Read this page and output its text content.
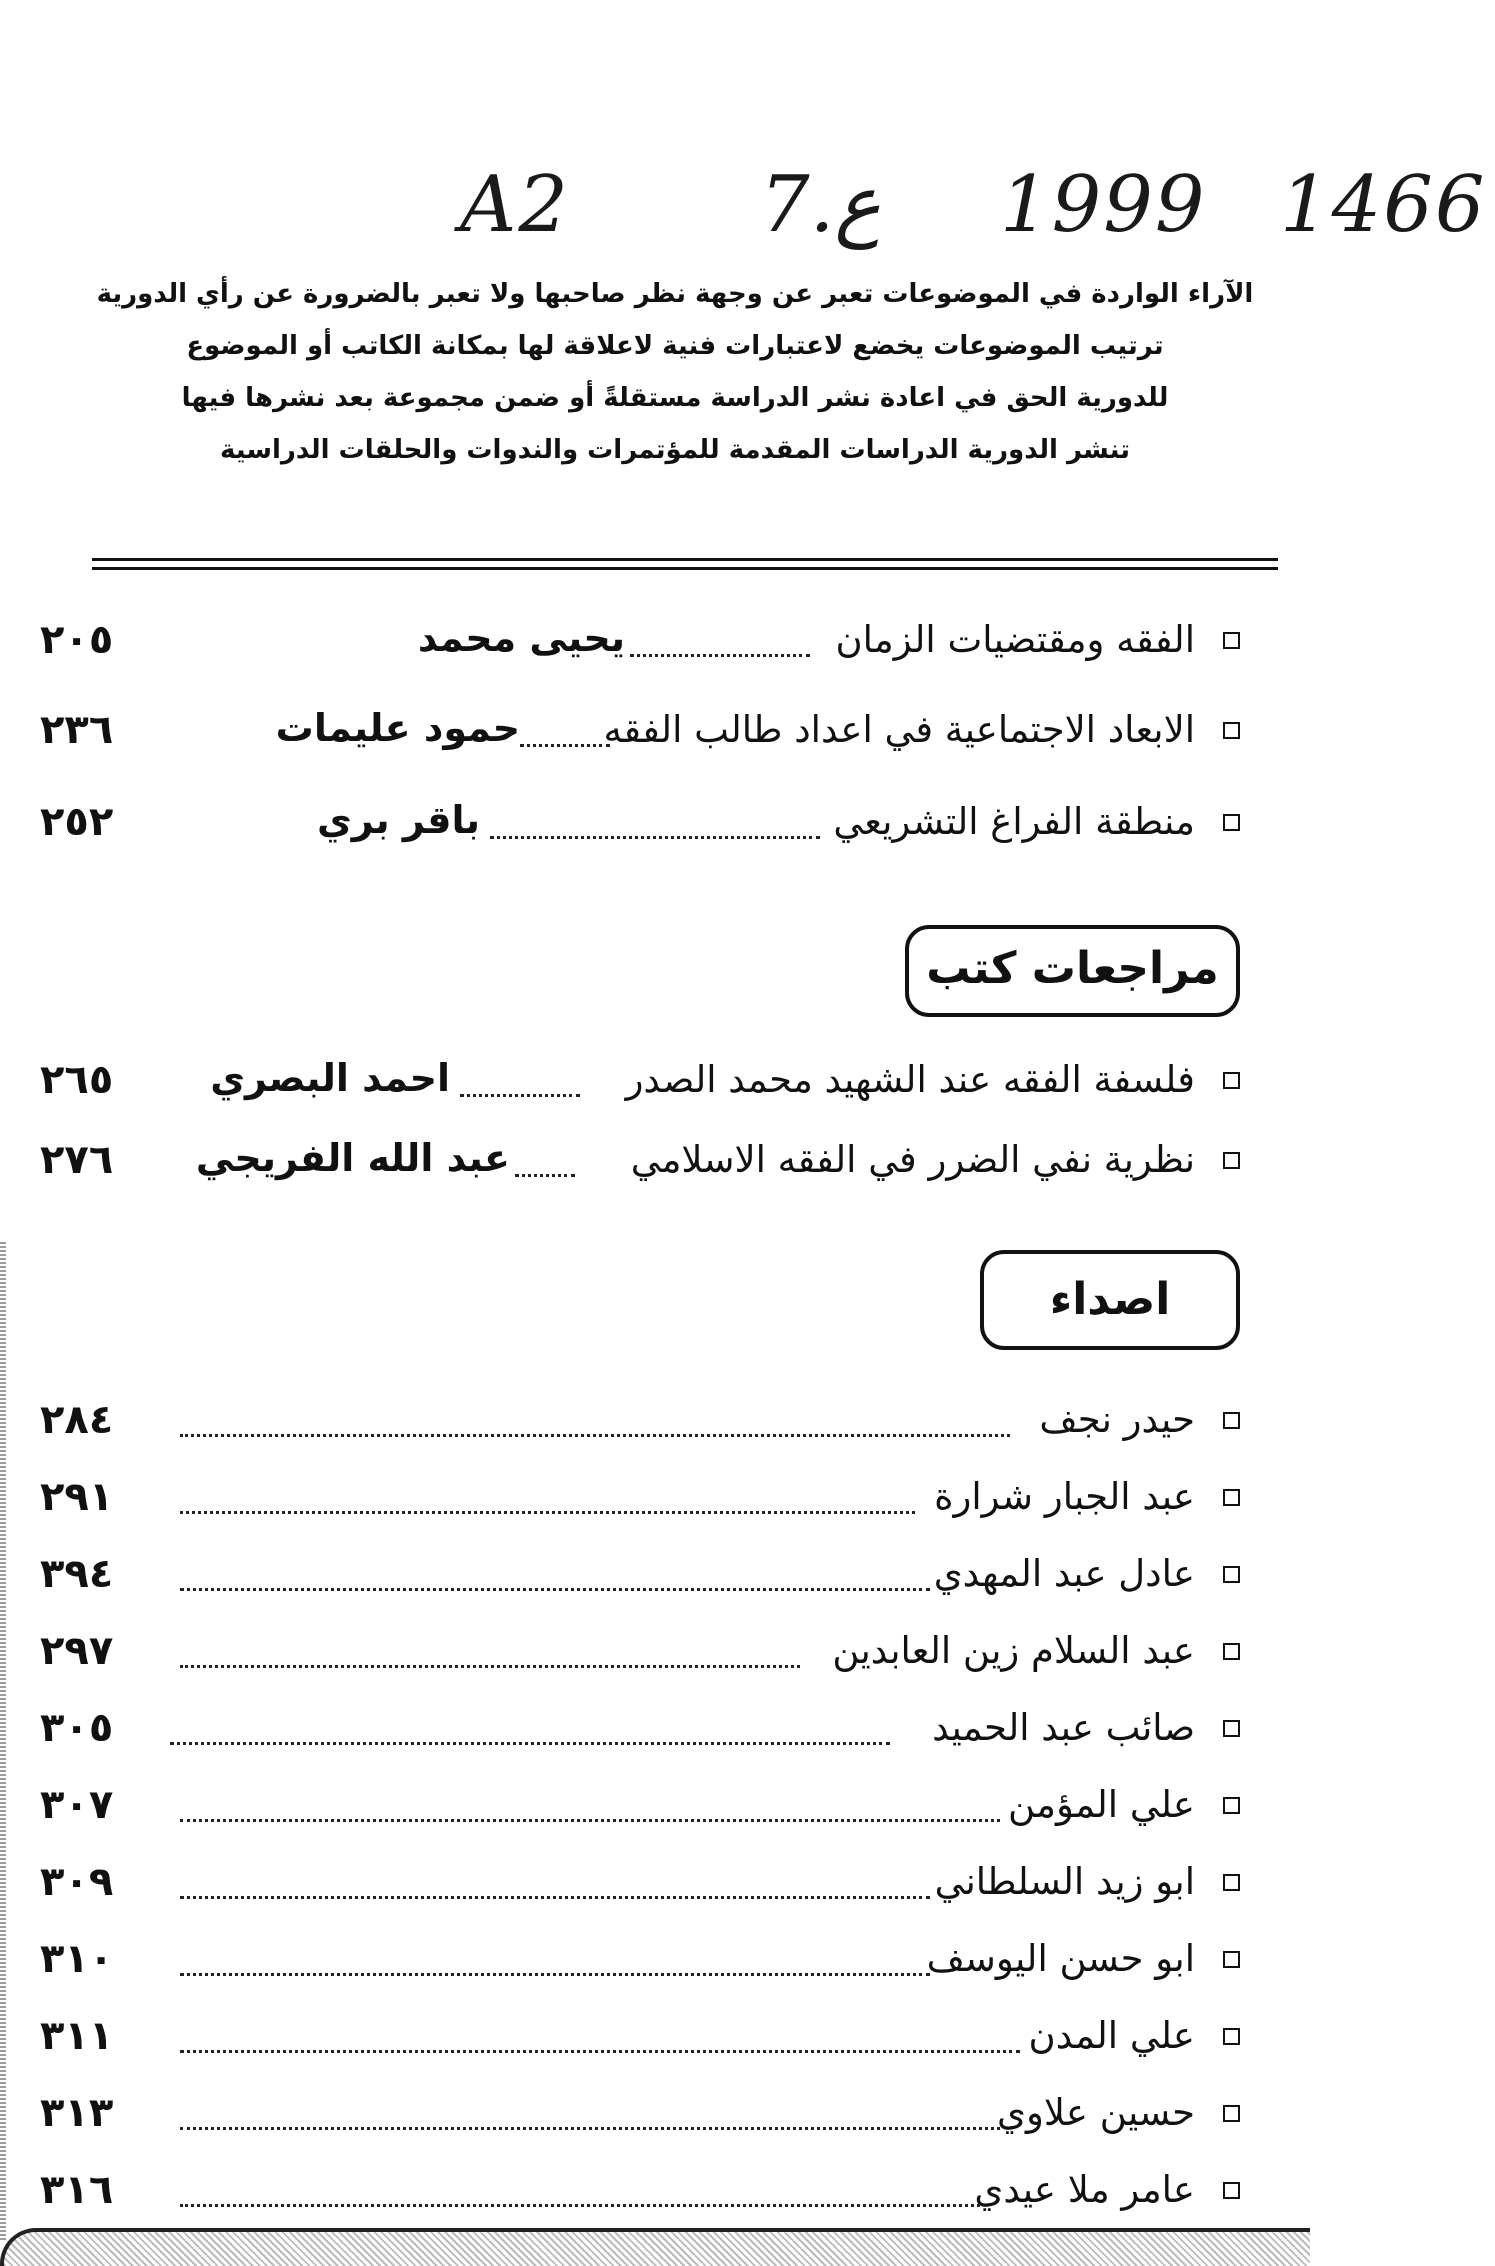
A2 7.ع 1999 1466

الآراء الواردة في الموضوعات تعبر عن وجهة نظر صاحبها ولا تعبر بالضرورة عن رأي الدورية

ترتيب الموضوعات يخضع لاعتبارات فنية لاعلاقة لها بمكانة الكاتب أو الموضوع

للدورية الحق في اعادة نشر الدراسة مستقلةً أو ضمن مجموعة بعد نشرها فيها

تنشر الدورية الدراسات المقدمة للمؤتمرات والندوات والحلقات الدراسية

الفقه ومقتضيات الزمان
يحيى محمد
٢٠٥
الابعاد الاجتماعية في اعداد طالب الفقه
حمود عليمات
٢٣٦
منطقة الفراغ التشريعي
باقر بري
٢٥٢
مراجعات كتب
فلسفة الفقه عند الشهيد محمد الصدر
احمد البصري
٢٦٥
نظرية نفي الضرر في الفقه الاسلامي
عبد الله الفريجي
٢٧٦
اصداء
حيدر نجف
٢٨٤
عبد الجبار شرارة
٢٩١
عادل عبد المهدي
٣٩٤
عبد السلام زين العابدين
٢٩٧
صائب عبد الحميد
٣٠٥
علي المؤمن
٣٠٧
ابو زيد السلطاني
٣٠٩
ابو حسن اليوسف
٣١٠
علي المدن
٣١١
حسين علاوي
٣١٣
عامر ملا عيدي
٣١٦
